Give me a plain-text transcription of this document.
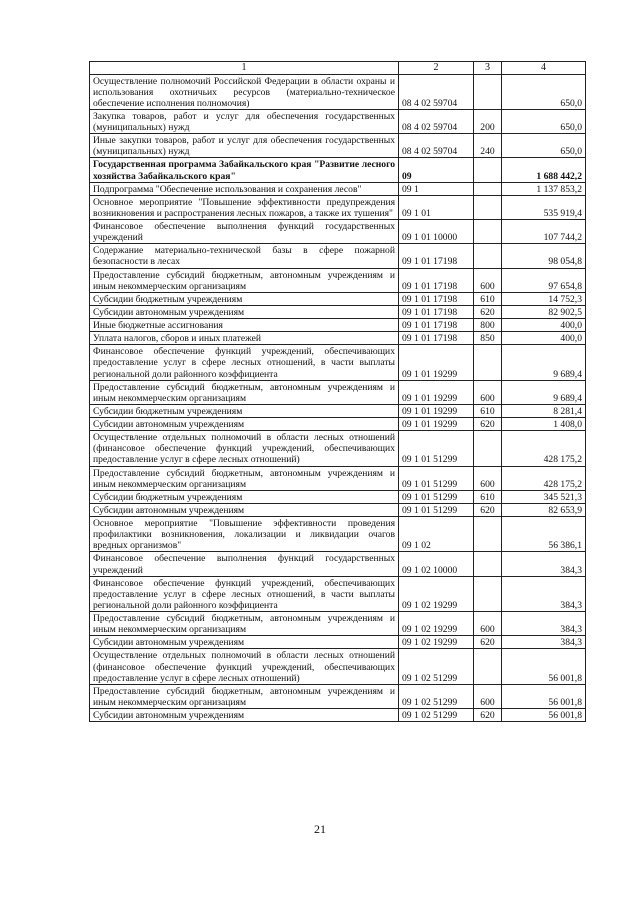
1	2	3	4
Осуществление полномочий Российской Федерации в области охраны и использования охотничьих ресурсов (материально-техническое обеспечение исполнения полномочия)	08 4 02 59704		650,0
Закупка товаров, работ и услуг для обеспечения государственных (муниципальных) нужд	08 4 02 59704	200	650,0
Иные закупки товаров, работ и услуг для обеспечения государственных (муниципальных) нужд	08 4 02 59704	240	650,0
Государственная программа Забайкальского края "Развитие лесного хозяйства Забайкальского края"	09		1 688 442,2
Подпрограмма "Обеспечение использования и сохранения лесов"	09 1		1 137 853,2
Основное мероприятие "Повышение эффективности предупреждения возникновения и распространения лесных пожаров, а также их тушения"	09 1 01		535 919,4
Финансовое обеспечение выполнения функций государственных учреждений	09 1 01 10000		107 744,2
Содержание материально-технической базы в сфере пожарной безопасности в лесах	09 1 01 17198		98 054,8
Предоставление субсидий бюджетным, автономным учреждениям и иным некоммерческим организациям	09 1 01 17198	600	97 654,8
Субсидии бюджетным учреждениям	09 1 01 17198	610	14 752,3
Субсидии автономным учреждениям	09 1 01 17198	620	82 902,5
Иные бюджетные ассигнования	09 1 01 17198	800	400,0
Уплата налогов, сборов и иных платежей	09 1 01 17198	850	400,0
Финансовое обеспечение функций учреждений, обеспечивающих предоставление услуг в сфере лесных отношений, в части выплаты региональной доли районного коэффициента	09 1 01 19299		9 689,4
Предоставление субсидий бюджетным, автономным учреждениям и иным некоммерческим организациям	09 1 01 19299	600	9 689,4
Субсидии бюджетным учреждениям	09 1 01 19299	610	8 281,4
Субсидии автономным учреждениям	09 1 01 19299	620	1 408,0
Осуществление отдельных полномочий в области лесных отношений (финансовое обеспечение функций учреждений, обеспечивающих предоставление услуг в сфере лесных отношений)	09 1 01 51299		428 175,2
Предоставление субсидий бюджетным, автономным учреждениям и иным некоммерческим организациям	09 1 01 51299	600	428 175,2
Субсидии бюджетным учреждениям	09 1 01 51299	610	345 521,3
Субсидии автономным учреждениям	09 1 01 51299	620	82 653,9
Основное мероприятие "Повышение эффективности проведения профилактики возникновения, локализации и ликвидации очагов вредных организмов"	09 1 02		56 386,1
Финансовое обеспечение выполнения функций государственных учреждений	09 1 02 10000		384,3
Финансовое обеспечение функций учреждений, обеспечивающих предоставление услуг в сфере лесных отношений, в части выплаты региональной доли районного коэффициента	09 1 02 19299		384,3
Предоставление субсидий бюджетным, автономным учреждениям и иным некоммерческим организациям	09 1 02 19299	600	384,3
Субсидии автономным учреждениям	09 1 02 19299	620	384,3
Осуществление отдельных полномочий в области лесных отношений (финансовое обеспечение функций учреждений, обеспечивающих предоставление услуг в сфере лесных отношений)	09 1 02 51299		56 001,8
Предоставление субсидий бюджетным, автономным учреждениям и иным некоммерческим организациям	09 1 02 51299	600	56 001,8
Субсидии автономным учреждениям	09 1 02 51299	620	56 001,8
21
